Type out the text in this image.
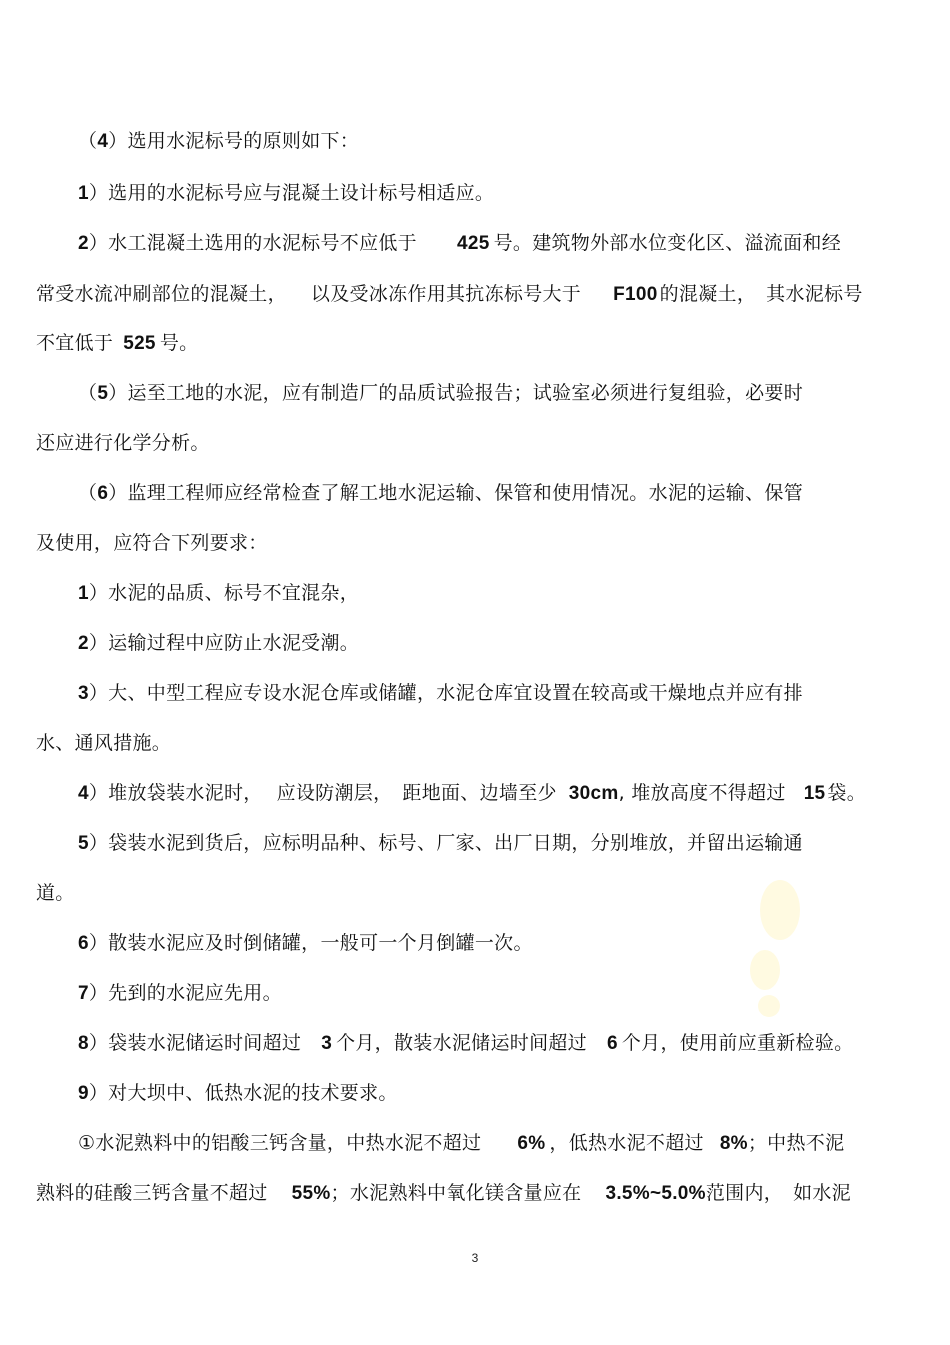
（4）选用水泥标号的原则如下：
1）选用的水泥标号应与混凝土设计标号相适应。
2）水工混凝土选用的水泥标号不应低于 425 号。建筑物外部水位变化区、溢流面和经
常受水流冲刷部位的混凝土， 以及受冰冻作用其抗冻标号大于 F100 的混凝土， 其水泥标号
不宜低于 525 号。
（5）运至工地的水泥，应有制造厂的品质试验报告；试验室必须进行复组验，必要时
还应进行化学分析。
（6）监理工程师应经常检查了解工地水泥运输、保管和使用情况。水泥的运输、保管
及使用，应符合下列要求：
1）水泥的品质、标号不宜混杂，
2）运输过程中应防止水泥受潮。
3）大、中型工程应专设水泥仓库或储罐，水泥仓库宜设置在较高或干燥地点并应有排
水、通风措施。
4）堆放袋装水泥时， 应设防潮层， 距地面、边墙至少 30cm, 堆放高度不得超过 15 袋。
5）袋装水泥到货后，应标明品种、标号、厂家、出厂日期，分别堆放，并留出运输通
道。
6）散装水泥应及时倒储罐，一般可一个月倒罐一次。
7）先到的水泥应先用。
8）袋装水泥储运时间超过 3 个月，散装水泥储运时间超过 6 个月，使用前应重新检验。
9）对大坝中、低热水泥的技术要求。
①水泥熟料中的铝酸三钙含量，中热水泥不超过 6% ，低热水泥不超过 8%；中热不泥
熟料的硅酸三钙含量不超过 55%；水泥熟料中氧化镁含量应在 3.5%~5.0%范围内， 如水泥
3
